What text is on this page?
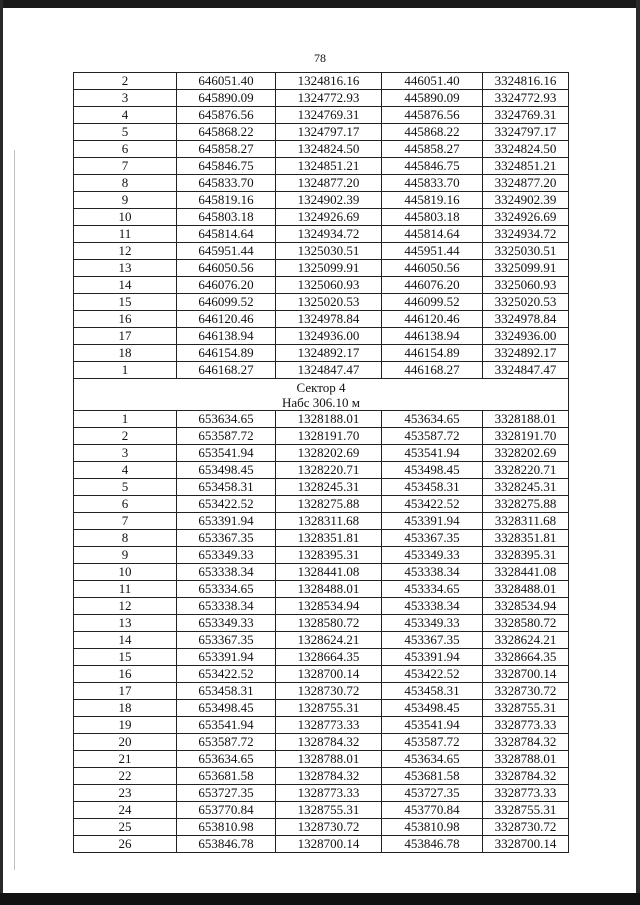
78
2	646051.40	1324816.16	446051.40	3324816.16
3	645890.09	1324772.93	445890.09	3324772.93
4	645876.56	1324769.31	445876.56	3324769.31
5	645868.22	1324797.17	445868.22	3324797.17
6	645858.27	1324824.50	445858.27	3324824.50
7	645846.75	1324851.21	445846.75	3324851.21
8	645833.70	1324877.20	445833.70	3324877.20
9	645819.16	1324902.39	445819.16	3324902.39
10	645803.18	1324926.69	445803.18	3324926.69
11	645814.64	1324934.72	445814.64	3324934.72
12	645951.44	1325030.51	445951.44	3325030.51
13	646050.56	1325099.91	446050.56	3325099.91
14	646076.20	1325060.93	446076.20	3325060.93
15	646099.52	1325020.53	446099.52	3325020.53
16	646120.46	1324978.84	446120.46	3324978.84
17	646138.94	1324936.00	446138.94	3324936.00
18	646154.89	1324892.17	446154.89	3324892.17
1	646168.27	1324847.47	446168.27	3324847.47

Сектор 4
Набс 306.10 м				

1	653634.65	1328188.01	453634.65	3328188.01
2	653587.72	1328191.70	453587.72	3328191.70
3	653541.94	1328202.69	453541.94	3328202.69
4	653498.45	1328220.71	453498.45	3328220.71
5	653458.31	1328245.31	453458.31	3328245.31
6	653422.52	1328275.88	453422.52	3328275.88
7	653391.94	1328311.68	453391.94	3328311.68
8	653367.35	1328351.81	453367.35	3328351.81
9	653349.33	1328395.31	453349.33	3328395.31
10	653338.34	1328441.08	453338.34	3328441.08
11	653334.65	1328488.01	453334.65	3328488.01
12	653338.34	1328534.94	453338.34	3328534.94
13	653349.33	1328580.72	453349.33	3328580.72
14	653367.35	1328624.21	453367.35	3328624.21
15	653391.94	1328664.35	453391.94	3328664.35
16	653422.52	1328700.14	453422.52	3328700.14
17	653458.31	1328730.72	453458.31	3328730.72
18	653498.45	1328755.31	453498.45	3328755.31
19	653541.94	1328773.33	453541.94	3328773.33
20	653587.72	1328784.32	453587.72	3328784.32
21	653634.65	1328788.01	453634.65	3328788.01
22	653681.58	1328784.32	453681.58	3328784.32
23	653727.35	1328773.33	453727.35	3328773.33
24	653770.84	1328755.31	453770.84	3328755.31
25	653810.98	1328730.72	453810.98	3328730.72
26	653846.78	1328700.14	453846.78	3328700.14
